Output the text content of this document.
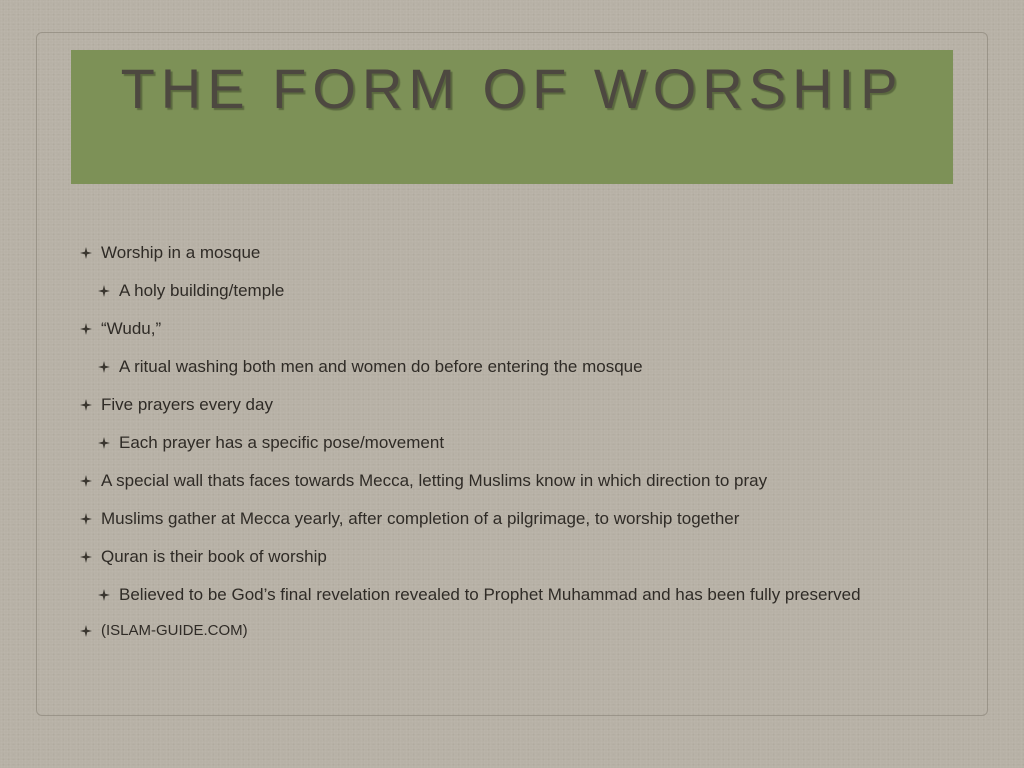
THE FORM OF WORSHIP
Worship in a mosque
A holy building/temple
“Wudu,”
A ritual washing both men and women do before entering the mosque
Five prayers every day
Each prayer has a specific pose/movement
A special wall thats faces towards Mecca, letting Muslims know in which direction to pray
Muslims gather at Mecca yearly, after completion of a pilgrimage, to worship together
Quran is their book of worship
Believed to be God’s final revelation revealed to Prophet Muhammad and has been fully preserved
(ISLAM-GUIDE.COM)
